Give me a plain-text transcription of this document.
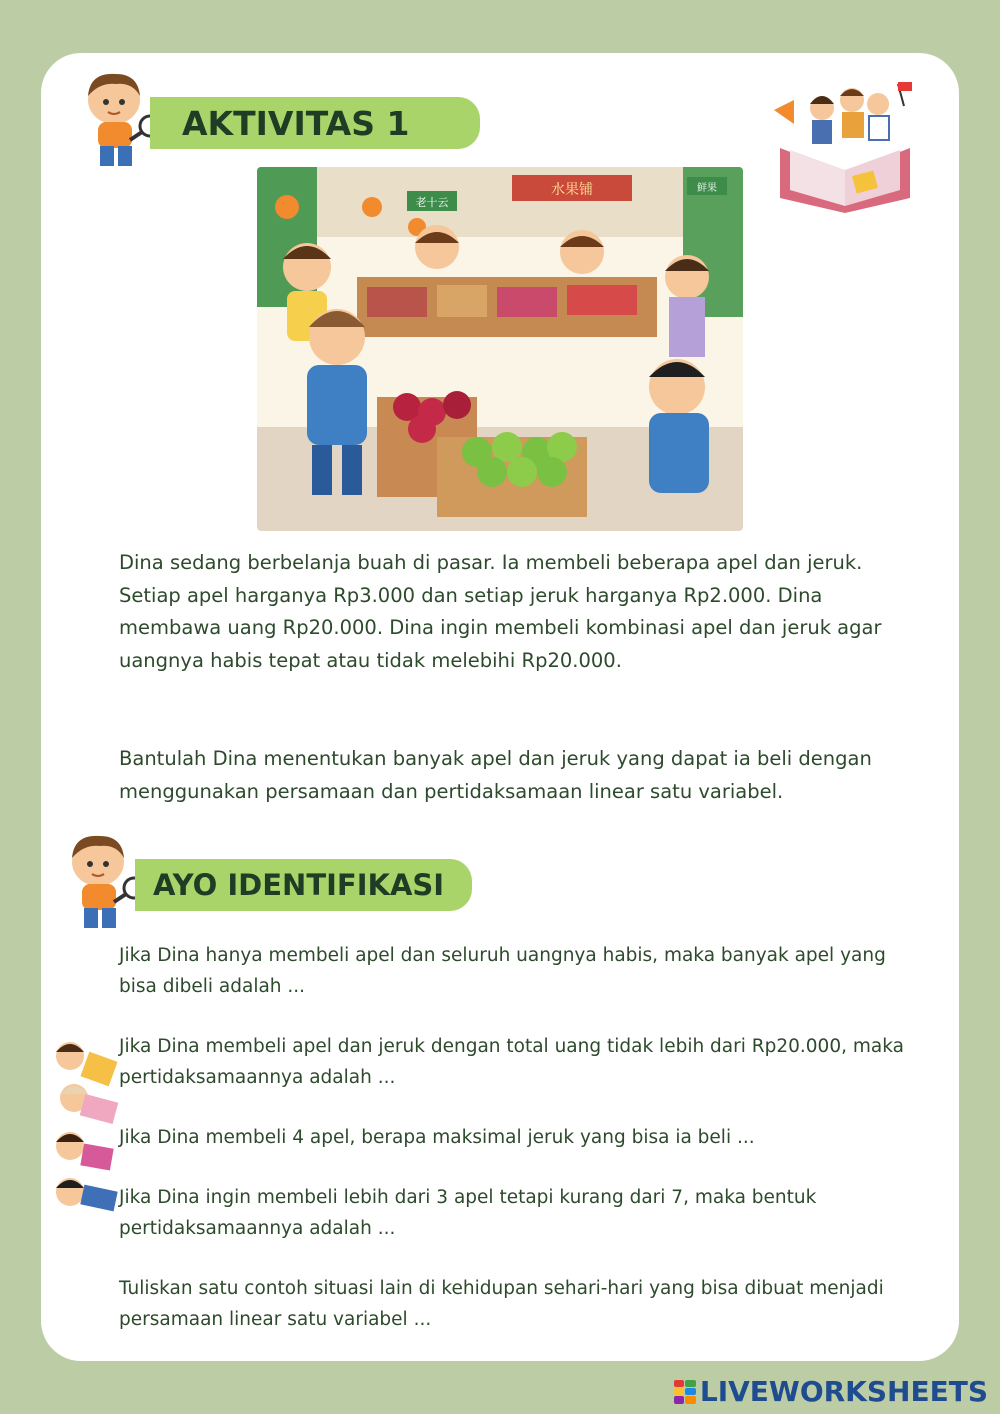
AKTIVITAS 1
水果铺
老十云
鲜果

Dina sedang berbelanja buah di pasar. Ia membeli beberapa apel dan jeruk. Setiap apel harganya Rp3.000 dan setiap jeruk harganya Rp2.000. Dina membawa uang Rp20.000. Dina ingin membeli kombinasi apel dan jeruk agar uangnya habis tepat atau tidak melebihi Rp20.000.

Bantulah Dina menentukan banyak apel dan jeruk yang dapat ia beli dengan menggunakan persamaan dan pertidaksamaan linear satu variabel.

AYO IDENTIFIKASI

Jika Dina hanya membeli apel dan seluruh uangnya habis, maka banyak apel yang bisa dibeli adalah ...

Jika Dina membeli apel dan jeruk dengan total uang tidak lebih dari Rp20.000, maka pertidaksamaannya adalah ...

Jika Dina membeli 4 apel, berapa maksimal jeruk yang bisa ia beli ...

Jika Dina ingin membeli lebih dari 3 apel tetapi kurang dari 7, maka bentuk pertidaksamaannya adalah ...

Tuliskan satu contoh situasi lain di kehidupan sehari-hari yang bisa dibuat menjadi persamaan linear satu variabel ...

LIVEWORKSHEETS
